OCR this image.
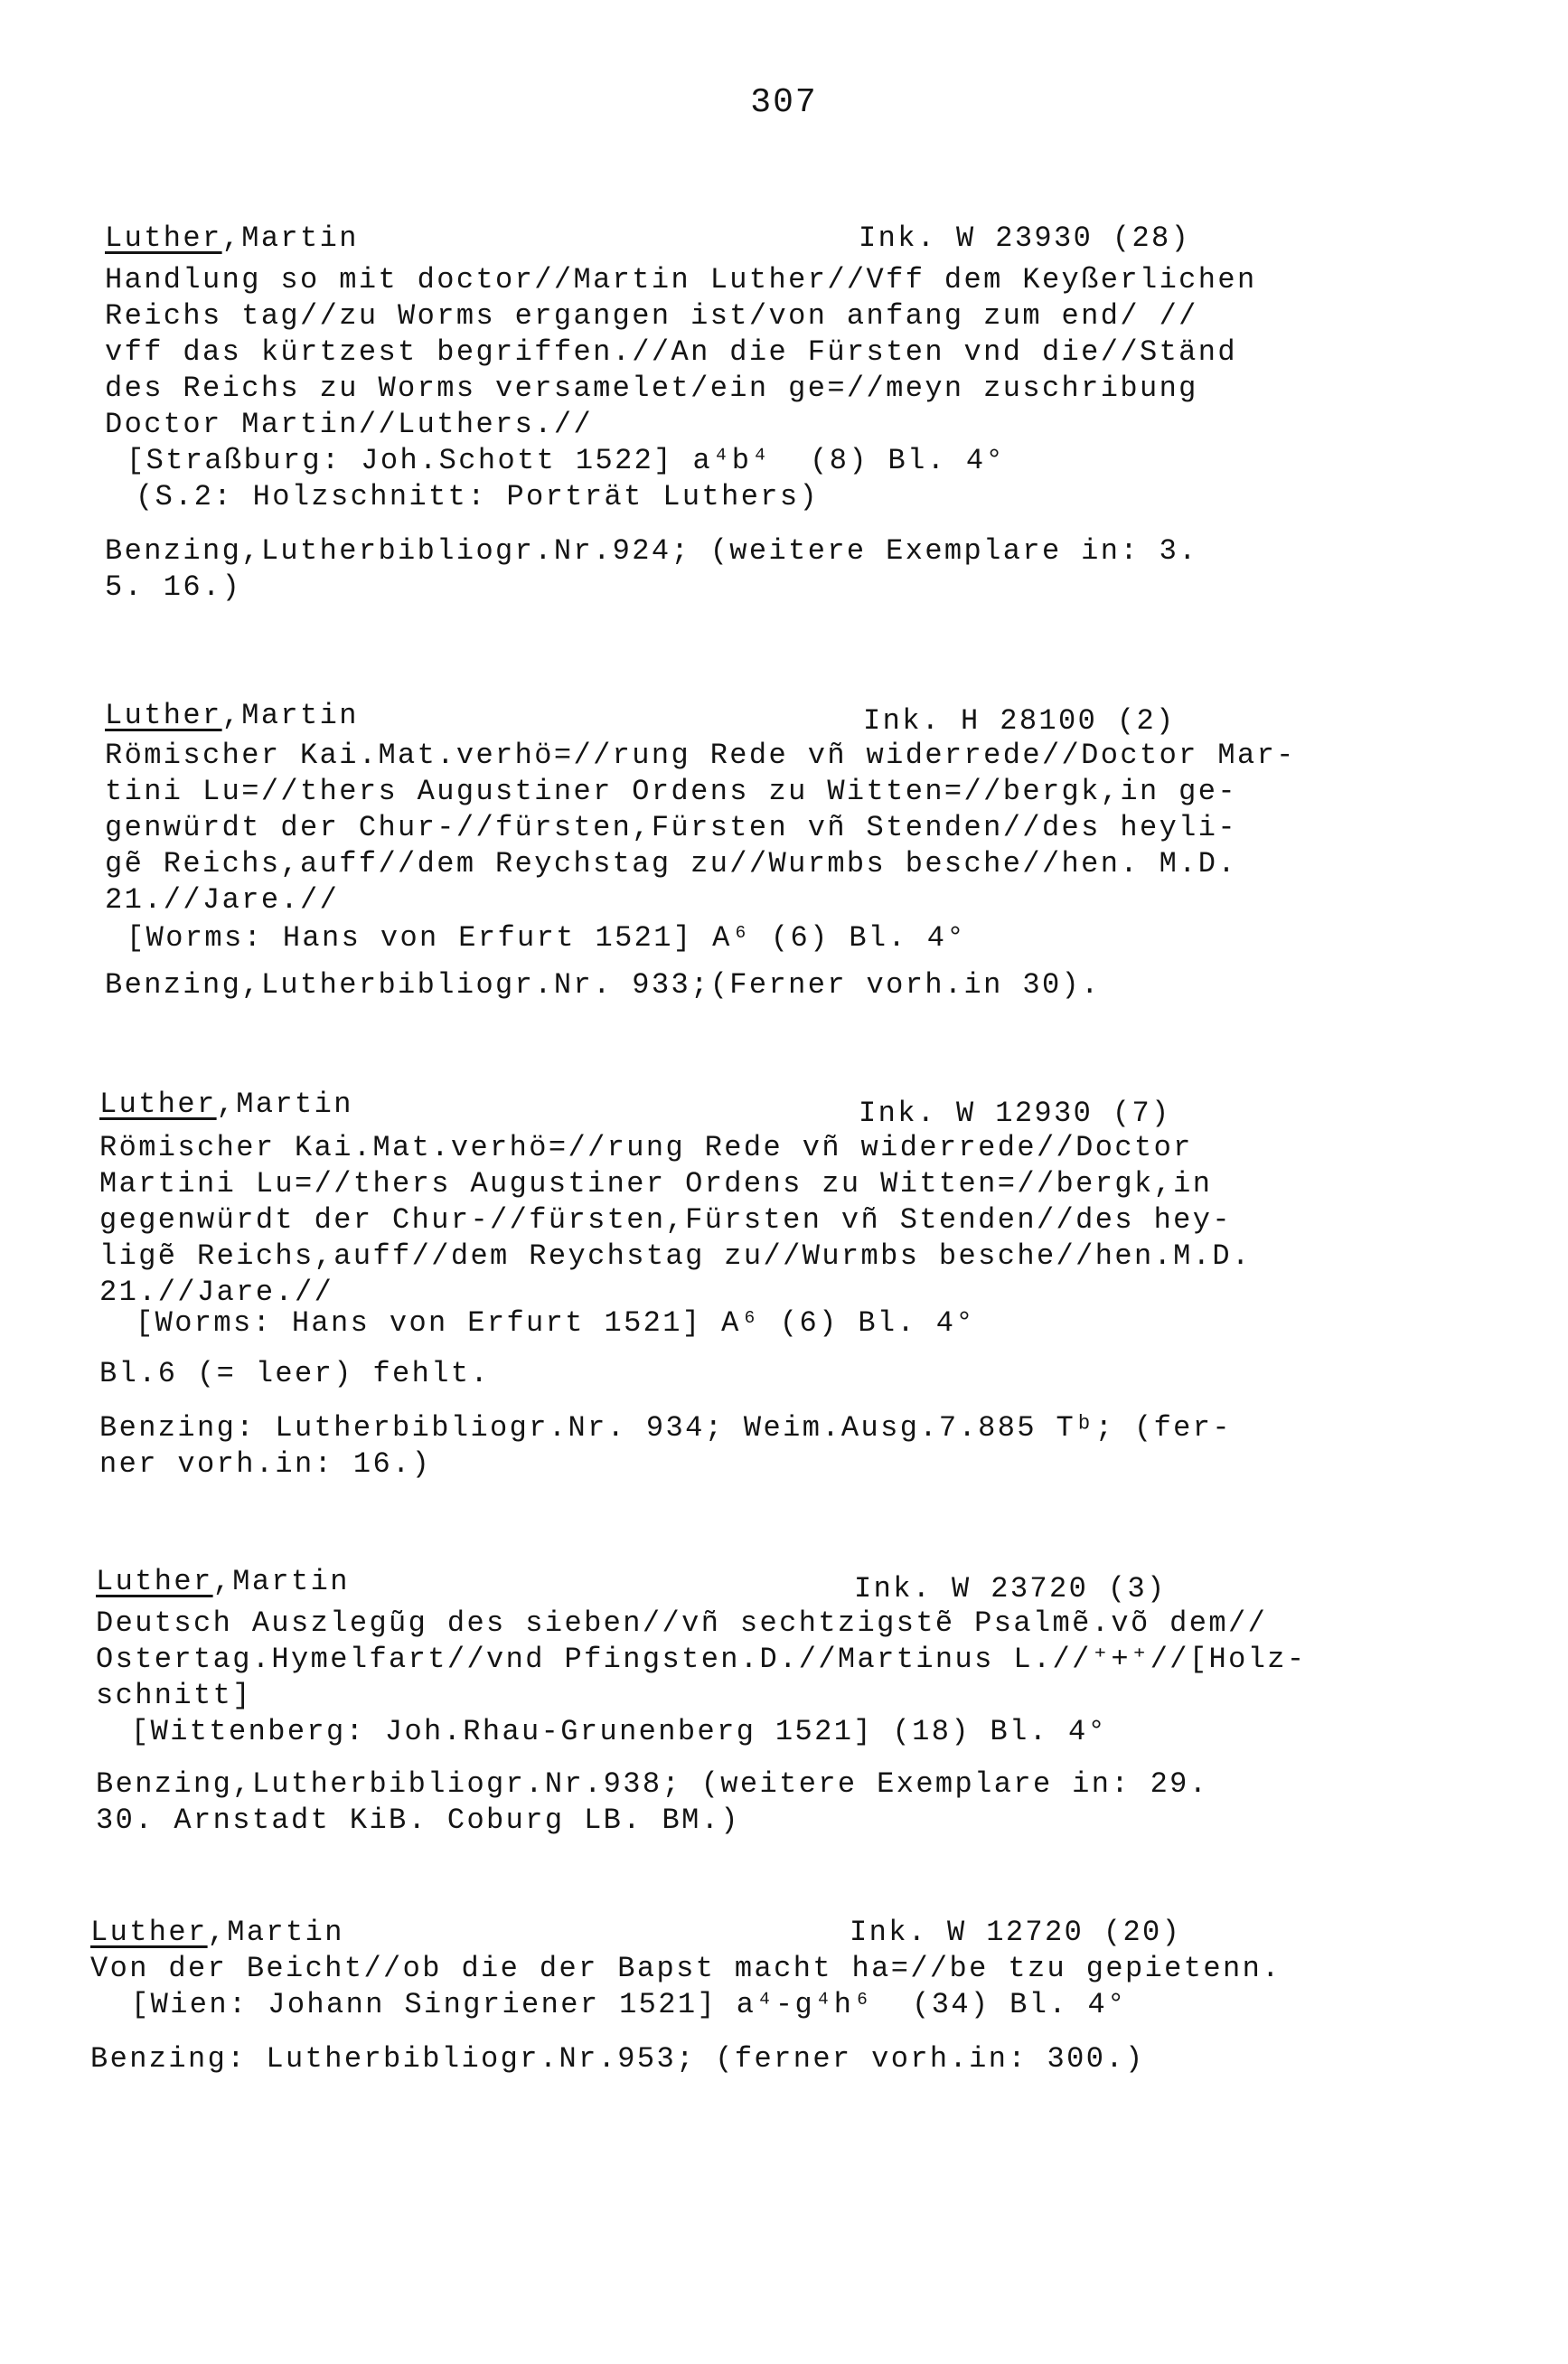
307
Luther,Martin	Ink. W 23930 (28)
Handlung so mit doctor//Martin Luther//Vff dem Keyßerlichen
Reichs tag//zu Worms ergangen ist/von anfang zum end/ //
vff das kürtzest begriffen.//An die Fürsten vnd die//Ständ
des Reichs zu Worms versamelet/ein ge=//meyn zuschribung
Doctor Martin//Luthers.//
[Straßburg: Joh.Schott 1522] a⁴b⁴  (8) Bl. 4°
(S.2: Holzschnitt: Porträt Luthers)
Benzing,Lutherbibliogr.Nr.924; (weitere Exemplare in: 3.
5. 16.)
Luther,Martin	Ink. H 28100 (2)
Römischer Kai.Mat.verhö=//rung Rede vñ widerrede//Doctor Mar-
tini Lu=//thers Augustiner Ordens zu Witten=//bergk,in ge-
genwürdt der Chur-//fürsten,Fürsten vñ Stenden//des heyli-
gẽ Reichs,auff//dem Reychstag zu//Wurmbs besche//hen. M.D.
21.//Jare.//
[Worms: Hans von Erfurt 1521] A⁶ (6) Bl. 4°
Benzing,Lutherbibliogr.Nr. 933;(Ferner vorh.in 30).
Luther,Martin	Ink. W 12930 (7)
Römischer Kai.Mat.verhö=//rung Rede vñ widerrede//Doctor
Martini Lu=//thers Augustiner Ordens zu Witten=//bergk,in
gegenwürdt der Chur-//fürsten,Fürsten vñ Stenden//des hey-
ligẽ Reichs,auff//dem Reychstag zu//Wurmbs besche//hen.M.D.
21.//Jare.//
[Worms: Hans von Erfurt 1521] A⁶ (6) Bl. 4°
Bl.6 (= leer) fehlt.
Benzing: Lutherbibliogr.Nr. 934; Weim.Ausg.7.885 Tᵇ; (fer-
ner vorh.in: 16.)
Luther,Martin	Ink. W 23720 (3)
Deutsch Auszlegũg des sieben//vñ sechtzigstẽ Psalmẽ.võ dem//
Ostertag.Hymelfart//vnd Pfingsten.D.//Martinus L.//⁺+⁺//[Holz-
schnitt]
[Wittenberg: Joh.Rhau-Grunenberg 1521] (18) Bl. 4°
Benzing,Lutherbibliogr.Nr.938; (weitere Exemplare in: 29.
30. Arnstadt KiB. Coburg LB. BM.)
Luther,Martin	Ink. W 12720 (20)
Von der Beicht//ob die der Bapst macht ha=//be tzu gepietenn.
[Wien: Johann Singriener 1521] a⁴-g⁴h⁶  (34) Bl. 4°
Benzing: Lutherbibliogr.Nr.953; (ferner vorh.in: 300.)
